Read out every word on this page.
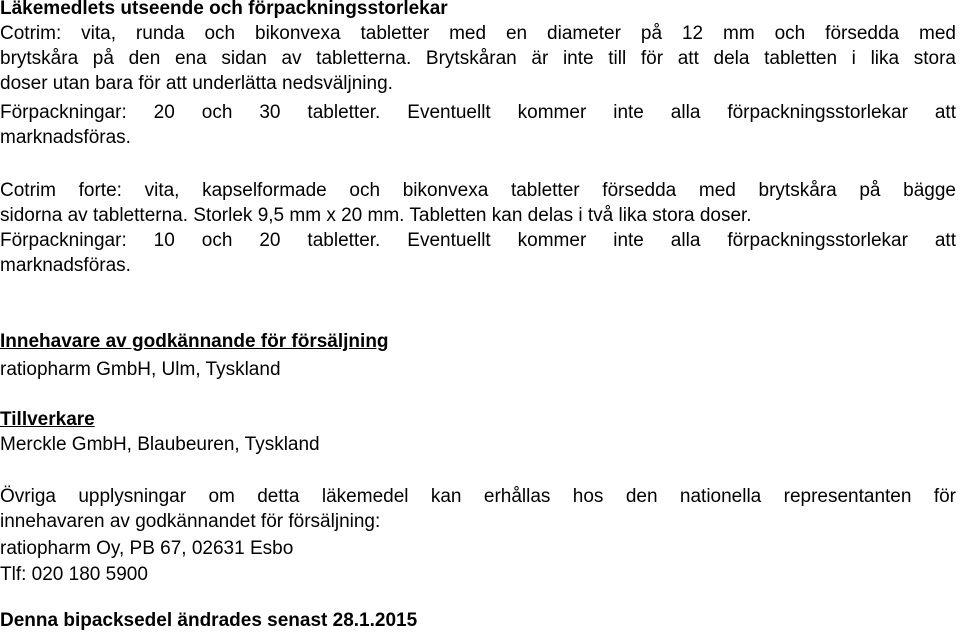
Läkemedlets utseende och förpackningsstorlekar
Cotrim: vita, runda och bikonvexa tabletter med en diameter på 12 mm och försedda med
brytskåra på den ena sidan av tabletterna. Brytskåran är inte till för att dela tabletten i lika stora
doser utan bara för att underlätta nedsväljning.
Förpackningar: 20 och 30 tabletter. Eventuellt kommer inte alla förpackningsstorlekar att
marknadsföras.
Cotrim forte: vita, kapselformade och bikonvexa tabletter försedda med brytskåra på bägge
sidorna av tabletterna. Storlek 9,5 mm x 20 mm. Tabletten kan delas i två lika stora doser.
Förpackningar: 10 och 20 tabletter. Eventuellt kommer inte alla förpackningsstorlekar att
marknadsföras.
Innehavare av godkännande för försäljning
ratiopharm GmbH, Ulm, Tyskland
Tillverkare
Merckle GmbH, Blaubeuren, Tyskland
Övriga upplysningar om detta läkemedel kan erhållas hos den nationella representanten för
innehavaren av godkännandet för försäljning:
ratiopharm Oy, PB 67, 02631 Esbo
Tlf: 020 180 5900
Denna bipacksedel ändrades senast 28.1.2015
